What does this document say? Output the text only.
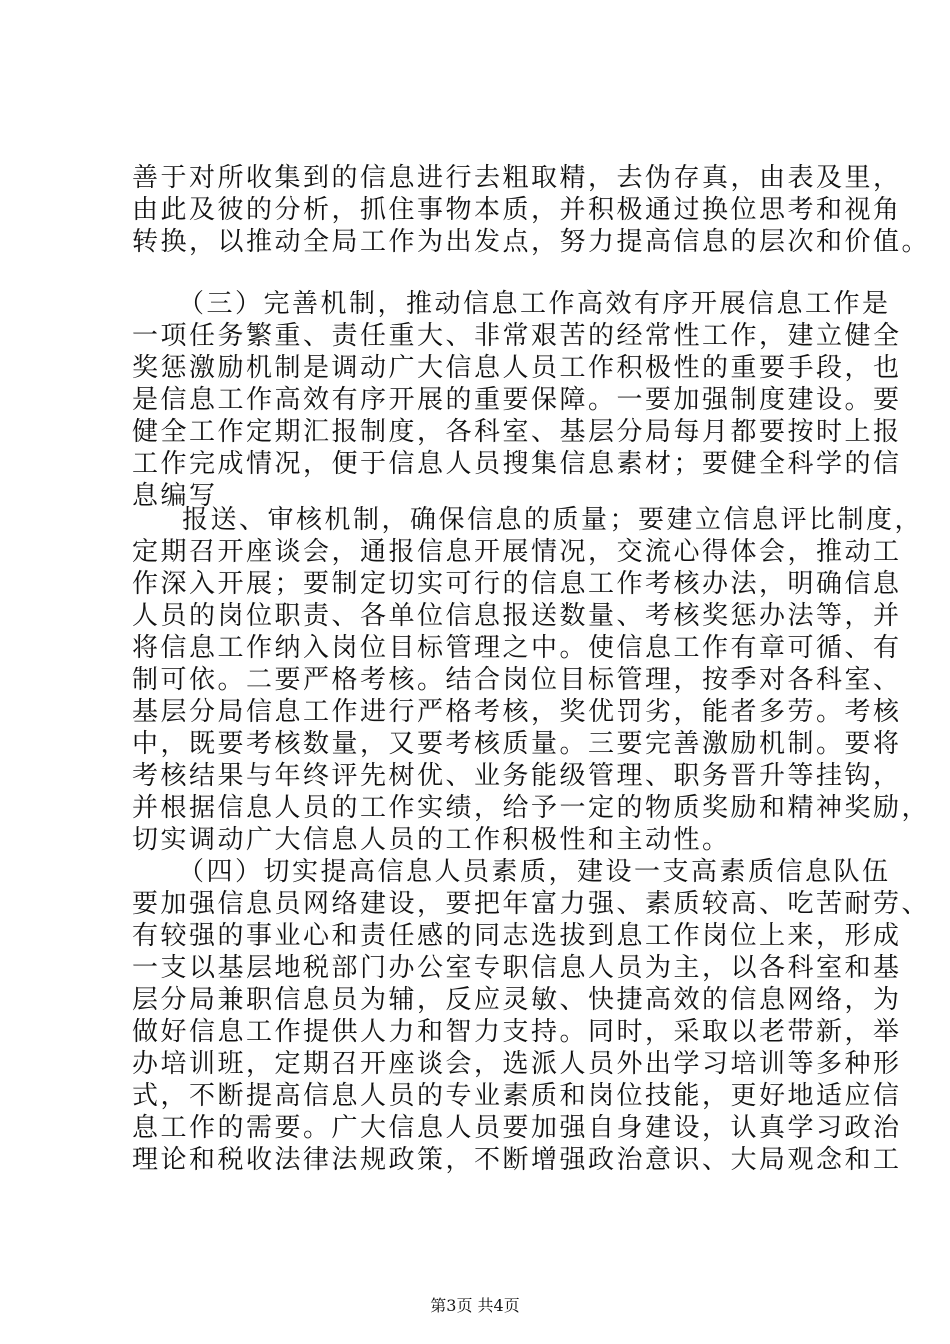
善于对所收集到的信息进行去粗取精，去伪存真，由表及里，
由此及彼的分析，抓住事物本质，并积极通过换位思考和视角
转换，以推动全局工作为出发点，努力提高信息的层次和价值。
（三）完善机制，推动信息工作高效有序开展信息工作是
一项任务繁重、责任重大、非常艰苦的经常性工作，建立健全
奖惩激励机制是调动广大信息人员工作积极性的重要手段，也
是信息工作高效有序开展的重要保障。一要加强制度建设。要
健全工作定期汇报制度，各科室、基层分局每月都要按时上报
工作完成情况，便于信息人员搜集信息素材；要健全科学的信
息编写
报送、审核机制，确保信息的质量；要建立信息评比制度，
定期召开座谈会，通报信息开展情况，交流心得体会，推动工
作深入开展；要制定切实可行的信息工作考核办法，明确信息
人员的岗位职责、各单位信息报送数量、考核奖惩办法等，并
将信息工作纳入岗位目标管理之中。使信息工作有章可循、有
制可依。二要严格考核。结合岗位目标管理，按季对各科室、
基层分局信息工作进行严格考核，奖优罚劣，能者多劳。考核
中，既要考核数量，又要考核质量。三要完善激励机制。要将
考核结果与年终评先树优、业务能级管理、职务晋升等挂钩，
并根据信息人员的工作实绩，给予一定的物质奖励和精神奖励，
切实调动广大信息人员的工作积极性和主动性。
（四）切实提高信息人员素质，建设一支高素质信息队伍
要加强信息员网络建设，要把年富力强、素质较高、吃苦耐劳、
有较强的事业心和责任感的同志选拔到息工作岗位上来，形成
一支以基层地税部门办公室专职信息人员为主，以各科室和基
层分局兼职信息员为辅，反应灵敏、快捷高效的信息网络，为
做好信息工作提供人力和智力支持。同时，采取以老带新，举
办培训班，定期召开座谈会，选派人员外出学习培训等多种形
式，不断提高信息人员的专业素质和岗位技能，更好地适应信
息工作的需要。广大信息人员要加强自身建设，认真学习政治
理论和税收法律法规政策，不断增强政治意识、大局观念和工
第3页 共4页
